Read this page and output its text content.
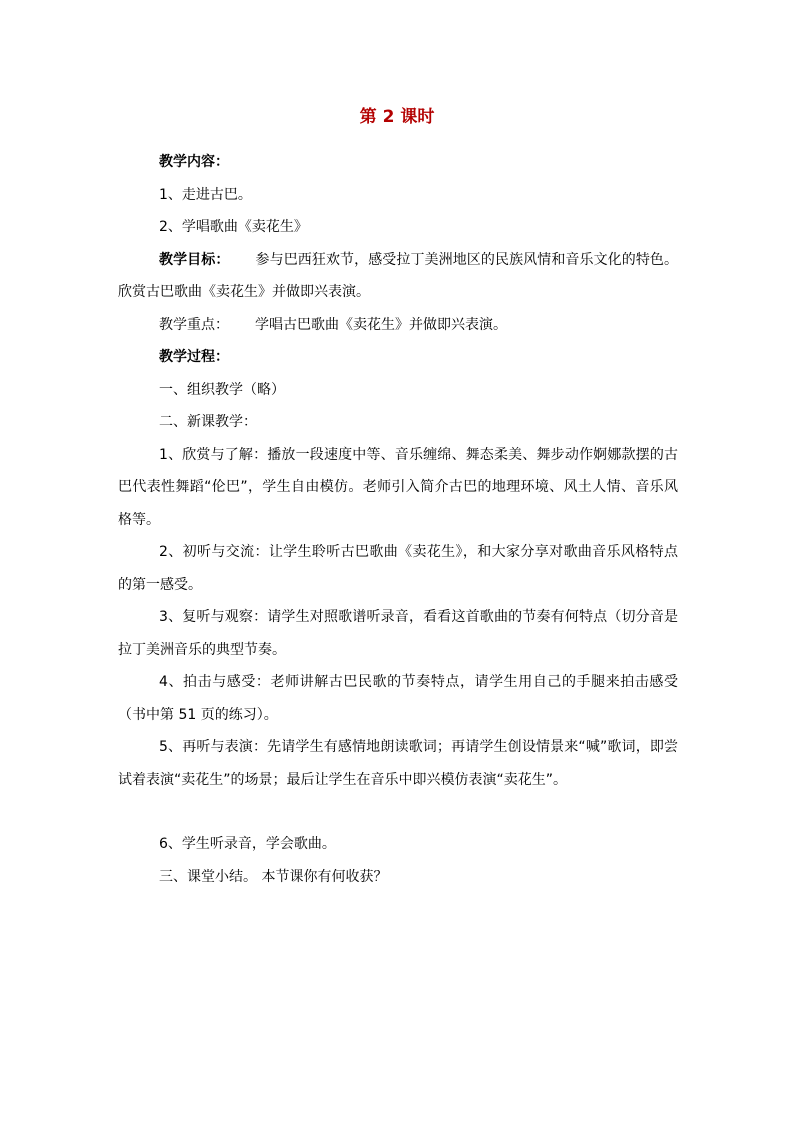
第 2 课时

教学内容：

1、走进古巴。

2、学唱歌曲《卖花生》

教学目标： 参与巴西狂欢节，感受拉丁美洲地区的民族风情和音乐文化的特色。欣赏古巴歌曲《卖花生》并做即兴表演。

教学重点： 学唱古巴歌曲《卖花生》并做即兴表演。

教学过程：

一、组织教学（略）

二、新课教学：

1、欣赏与了解：播放一段速度中等、音乐缠绵、舞态柔美、舞步动作婀娜款摆的古巴代表性舞蹈“伦巴”，学生自由模仿。老师引入简介古巴的地理环境、风土人情、音乐风格等。

2、初听与交流：让学生聆听古巴歌曲《卖花生》，和大家分享对歌曲音乐风格特点的第一感受。

3、复听与观察：请学生对照歌谱听录音，看看这首歌曲的节奏有何特点（切分音是拉丁美洲音乐的典型节奏。

4、拍击与感受：老师讲解古巴民歌的节奏特点，请学生用自己的手腿来拍击感受（书中第 51 页的练习）。

5、再听与表演：先请学生有感情地朗读歌词；再请学生创设情景来“喊”歌词，即尝试着表演“卖花生”的场景；最后让学生在音乐中即兴模仿表演“卖花生”。

6、学生听录音，学会歌曲。

三、课堂小结。 本节课你有何收获？
